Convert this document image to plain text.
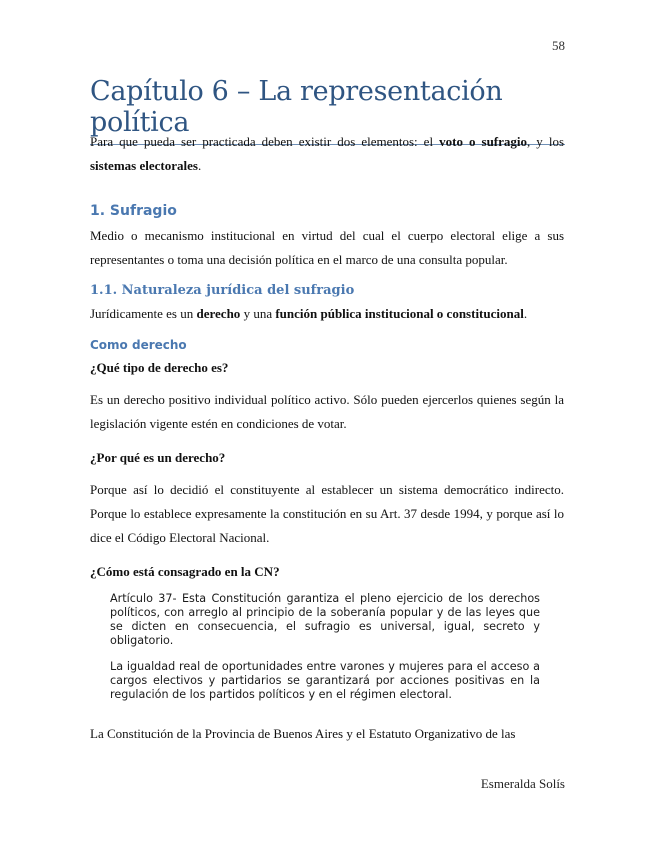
58
Capítulo 6 – La representación política

Para que pueda ser practicada deben existir dos elementos: el voto o sufragio, y los sistemas electorales.

1. Sufragio

Medio o mecanismo institucional en virtud del cual el cuerpo electoral elige a sus representantes o toma una decisión política en el marco de una consulta popular.

1.1. Naturaleza jurídica del sufragio

Jurídicamente es un derecho y una función pública institucional o constitucional.

Como derecho

¿Qué tipo de derecho es?

Es un derecho positivo individual político activo. Sólo pueden ejercerlos quienes según la legislación vigente estén en condiciones de votar.

¿Por qué es un derecho?

Porque así lo decidió el constituyente al establecer un sistema democrático indirecto. Porque lo establece expresamente la constitución en su Art. 37 desde 1994, y porque así lo dice el Código Electoral Nacional.

¿Cómo está consagrado en la CN?

Artículo 37- Esta Constitución garantiza el pleno ejercicio de los derechos políticos, con arreglo al principio de la soberanía popular y de las leyes que se dicten en consecuencia, el sufragio es universal, igual, secreto y obligatorio.

La igualdad real de oportunidades entre varones y mujeres para el acceso a cargos electivos y partidarios se garantizará por acciones positivas en la regulación de los partidos políticos y en el régimen electoral.

La Constitución de la Provincia de Buenos Aires y el Estatuto Organizativo de las

Esmeralda Solís
